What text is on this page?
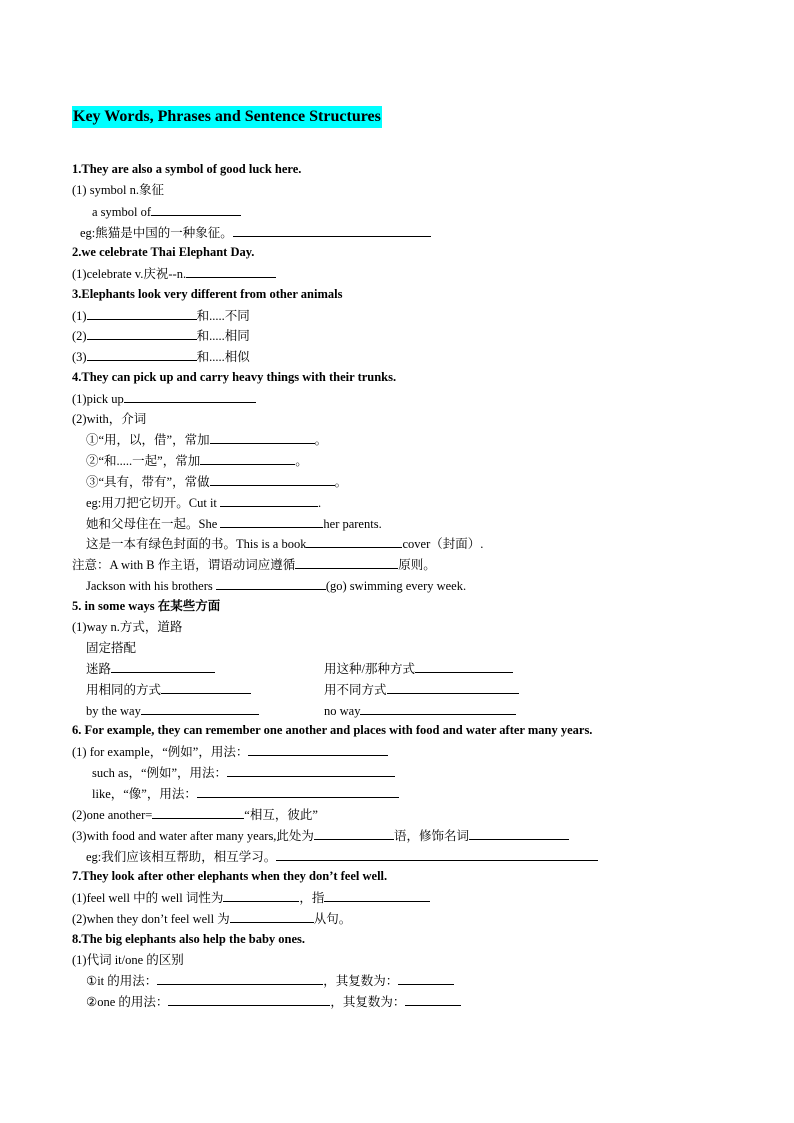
Key Words, Phrases and Sentence Structures
1.They are also a symbol of good luck here.
(1) symbol n.象征
a symbol of
eg:熊猫是中国的一种象征。
2.we celebrate Thai Elephant Day.
(1)celebrate v.庆祝--n.
3.Elephants look very different from other animals
(1)	和.....不同
(2)	和.....相同
(3)	和.....相似
4.They can pick up and carry heavy things with their trunks.
(1)pick up
(2)with，介词
①“用，以，借”，常加	。
②“和.....一起”，常加	。
③“具有，带有”，常做	。
eg:用刀把它切开。Cut it	.
她和父母住在一起。She	her parents.
这是一本有绿色封面的书。This is a book	cover（封面）.
注意：A with B 作主语，谓语动词应遵循	原则。
Jackson with his brothers	(go) swimming every week.
5. in some ways 在某些方面
(1)way n.方式，道路
固定搭配
迷路	用这种/那种方式
用相同的方式	用不同方式
by the way	no way
6. For example, they can remember one another and places with food and water after many years.
(1) for example，“例如”，用法：
such as，“例如”，用法：
like，“像”，用法：
(2)one another=	“相互，彼此”
(3)with food and water after many years,此处为	语，修饰名词
eg:我们应该相互帮助，相互学习。
7.They look after other elephants when they don’t feel well.
(1)feel well 中的 well 词性为	，指
(2)when they don’t feel well 为	从句。
8.The big elephants also help the baby ones.
(1)代词 it/one 的区别
①it 的用法：	，其复数为：
②one 的用法：	，其复数为：
